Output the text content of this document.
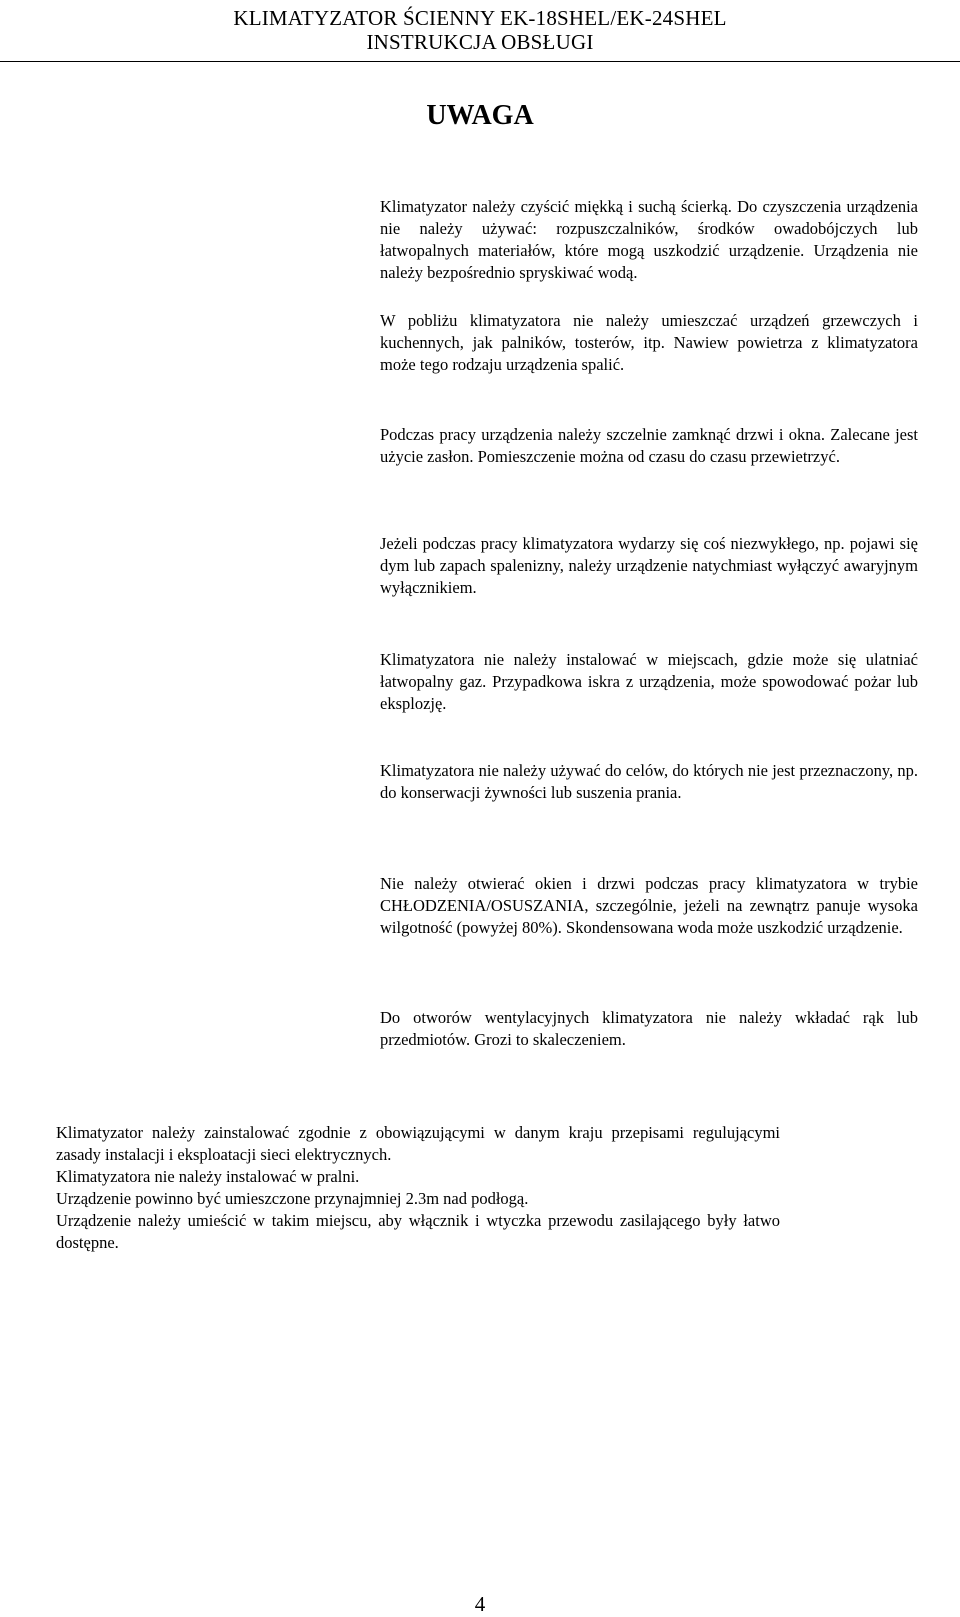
KLIMATYZATOR ŚCIENNY EK-18SHEL/EK-24SHEL
INSTRUKCJA OBSŁUGI
UWAGA

Klimatyzator należy czyścić miękką i suchą ścierką. Do czyszczenia urządzenia nie należy używać: rozpuszczalników, środków owadobójczych lub łatwopalnych materiałów, które mogą uszkodzić urządzenie. Urządzenia nie należy bezpośrednio spryskiwać wodą.

W pobliżu klimatyzatora nie należy umieszczać urządzeń grzewczych i kuchennych, jak palników, tosterów, itp. Nawiew powietrza z klimatyzatora może tego rodzaju urządzenia spalić.

Podczas pracy urządzenia należy szczelnie zamknąć drzwi i okna. Zalecane jest użycie zasłon. Pomieszczenie można od czasu do czasu przewietrzyć.

Jeżeli podczas pracy klimatyzatora wydarzy się coś niezwykłego, np. pojawi się dym lub zapach spalenizny, należy urządzenie natychmiast wyłączyć awaryjnym wyłącznikiem.

Klimatyzatora nie należy instalować w miejscach, gdzie może się ulatniać łatwopalny gaz. Przypadkowa iskra z urządzenia, może spowodować pożar lub eksplozję.

Klimatyzatora nie należy używać do celów, do których nie jest przeznaczony, np. do konserwacji żywności lub suszenia prania.

Nie należy otwierać okien i drzwi podczas pracy klimatyzatora w trybie CHŁODZENIA/OSUSZANIA, szczególnie, jeżeli na zewnątrz panuje wysoka wilgotność (powyżej 80%). Skondensowana woda może uszkodzić urządzenie.

Do otworów wentylacyjnych klimatyzatora nie należy wkładać rąk lub przedmiotów. Grozi to skaleczeniem.

Klimatyzator należy zainstalować zgodnie z obowiązującymi w danym kraju przepisami regulującymi zasady instalacji i eksploatacji sieci elektrycznych.

Klimatyzatora nie należy instalować w pralni.

Urządzenie powinno być umieszczone przynajmniej 2.3m nad podłogą.

Urządzenie należy umieścić w takim miejscu, aby włącznik i wtyczka przewodu zasilającego były łatwo dostępne.

4
